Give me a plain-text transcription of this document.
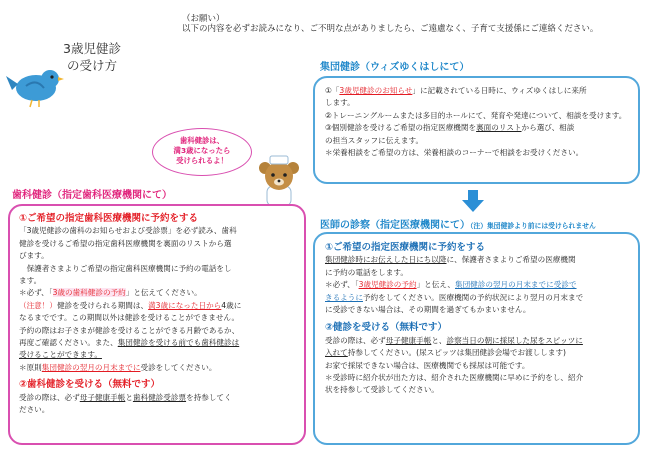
3歳児健診
の受け方
（お願い）
以下の内容を必ずお読みになり、ご不明な点がありましたら、ご遠慮なく、子育て支援係にご連絡ください。
集団健診（ウィズゆくはしにて）

①「3歳児健診のお知らせ」に記載されている日時に、ウィズゆくはしに来所

します。

②トレーニングルームまたは多目的ホールにて、発育や発達について、相談を受けます。

③個別健診を受けるご希望の指定医療機関を裏面のリストから選び、相談

の担当スタッフに伝えます。

＊栄養相談をご希望の方は、栄養相談のコーナーで相談をお受けください。

医師の診察（指定医療機関にて）（注）集団健診より前には受けられません

①ご希望の指定医療機関に予約をする

集団健診時にお伝えした日にち以降に、保護者さまよりご希望の医療機関

に予約の電話をします。

＊必ず、「3歳児健診の予約」と伝え、集団健診の翌月の月末までに受診で

きるように予約をしてください。医療機関の予約状況により翌月の月末まで

に受診できない場合は、その期間を過ぎてもかまいません。

②健診を受ける（無料です）

受診の際は、必ず母子健康手帳と、診察当日の朝に採尿した尿をスピッツに

入れて持参してください。(尿スピッツは集団健診会場でお渡しします)

お家で採尿できない場合は、医療機関でも採尿は可能です。

＊受診時に紹介状が出た方は、紹介された医療機関に早めに予約をし、紹介

状を持参して受診してください。

歯科健診は、
満3歳になったら
受けられるよ！
歯科健診（指定歯科医療機関にて）

①ご希望の指定歯科医療機関に予約をする

「3歳児健診の歯科のお知らせおよび受診票」を必ず読み、歯科

健診を受けるご希望の指定歯科医療機関を裏面のリストから選

びます。

　保護者さまよりご希望の指定歯科医療機関に予約の電話をし

ます。

＊必ず、「3歳の歯科健診の予約」と伝えてください。

（注意！）健診を受けられる期間は、満3歳になった日から4歳に

なるまでです。この期間以外は健診を受けることができません。

予約の際はお子さまが健診を受けることができる月齢であるか、

再度ご確認ください。また、集団健診を受ける前でも歯科健診は

受けることができます。

＊原則集団健診の翌月の月末までに受診をしてください。

②歯科健診を受ける（無料です）

受診の際は、必ず母子健康手帳と歯科健診受診票を持参してく

ださい。
